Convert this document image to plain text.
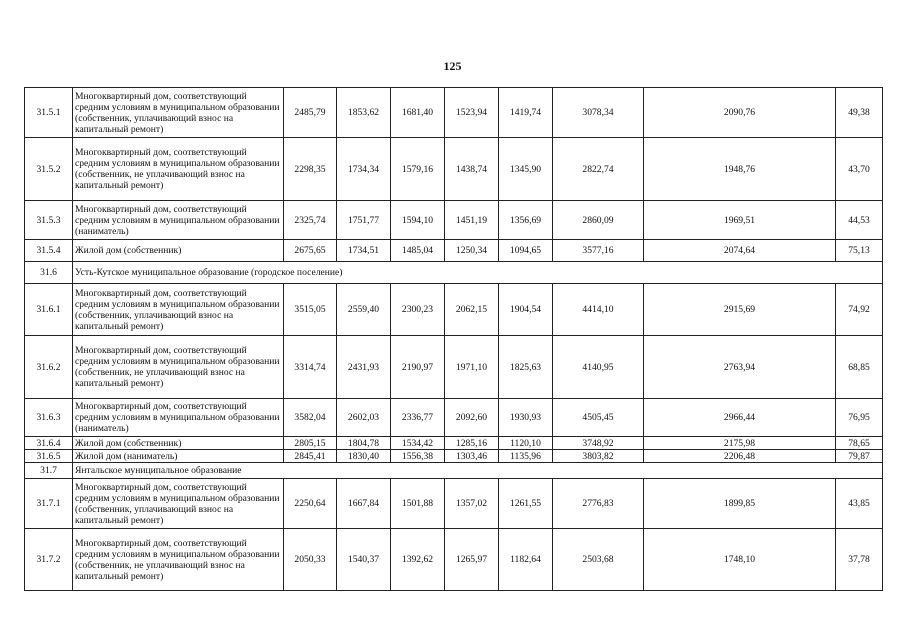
125
31.5.1	Многоквартирный дом, соответствующий средним условиям в муниципальном образовании (собственник, уплачивающий взнос на капитальный ремонт)	2485,79	1853,62	1681,40	1523,94	1419,74	3078,34	2090,76	49,38
31.5.2	Многоквартирный дом, соответствующий средним условиям в муниципальном образовании (собственник, не уплачивающий взнос на капитальный ремонт)	2298,35	1734,34	1579,16	1438,74	1345,90	2822,74	1948,76	43,70
31.5.3	Многоквартирный дом, соответствующий средним условиям в муниципальном образовании (наниматель)	2325,74	1751,77	1594,10	1451,19	1356,69	2860,09	1969,51	44,53
31.5.4	Жилой дом (собственник)	2675,65	1734,51	1485,04	1250,34	1094,65	3577,16	2074,64	75,13
31.6	Усть-Кутское муниципальное образование (городское поселение)								
31.6.1	Многоквартирный дом, соответствующий средним условиям в муниципальном образовании (собственник, уплачивающий взнос на капитальный ремонт)	3515,05	2559,40	2300,23	2062,15	1904,54	4414,10	2915,69	74,92
31.6.2	Многоквартирный дом, соответствующий средним условиям в муниципальном образовании (собственник, не уплачивающий взнос на капитальный ремонт)	3314,74	2431,93	2190,97	1971,10	1825,63	4140,95	2763,94	68,85
31.6.3	Многоквартирный дом, соответствующий средним условиям в муниципальном образовании (наниматель)	3582,04	2602,03	2336,77	2092,60	1930,93	4505,45	2966,44	76,95
31.6.4	Жилой дом (собственник)	2805,15	1804,78	1534,42	1285,16	1120,10	3748,92	2175,98	78,65
31.6.5	Жилой дом (наниматель)	2845,41	1830,40	1556,38	1303,46	1135,96	3803,82	2206,48	79,87
31.7	Янтальское муниципальное образование								
31.7.1	Многоквартирный дом, соответствующий средним условиям в муниципальном образовании (собственник, уплачивающий взнос на капитальный ремонт)	2250,64	1667,84	1501,88	1357,02	1261,55	2776,83	1899,85	43,85
31.7.2	Многоквартирный дом, соответствующий средним условиям в муниципальном образовании (собственник, не уплачивающий взнос на капитальный ремонт)	2050,33	1540,37	1392,62	1265,97	1182,64	2503,68	1748,10	37,78
